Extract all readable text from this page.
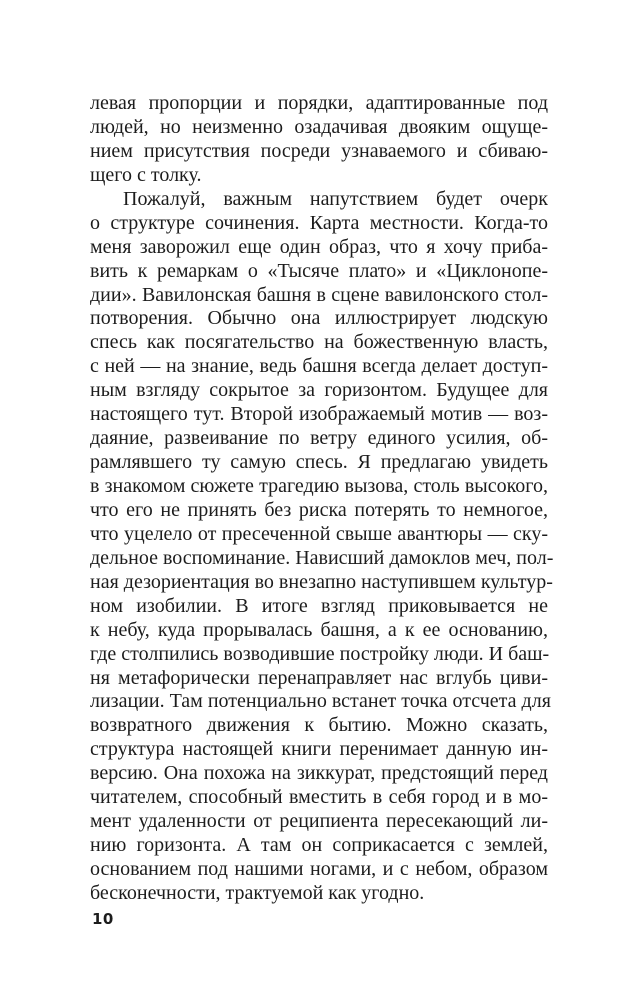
левая пропорции и порядки, адаптированные под
людей, но неизменно озадачивая двояким ощуще-
нием присутствия посреди узнаваемого и сбиваю-
щего с толку.
Пожалуй, важным напутствием будет очерк
о структуре сочинения. Карта местности. Когда-то
меня заворожил еще один образ, что я хочу приба-
вить к ремаркам о «Тысяче плато» и «Циклонопе-
дии». Вавилонская башня в сцене вавилонского стол-
потворения. Обычно она иллюстрирует людскую
спесь как посягательство на божественную власть,
с ней — на знание, ведь башня всегда делает доступ-
ным взгляду сокрытое за горизонтом. Будущее для
настоящего тут. Второй изображаемый мотив — воз-
даяние, развеивание по ветру единого усилия, об-
рамлявшего ту самую спесь. Я предлагаю увидеть
в знакомом сюжете трагедию вызова, столь высокого,
что его не принять без риска потерять то немногое,
что уцелело от пресеченной свыше авантюры — ску-
дельное воспоминание. Нависший дамоклов меч, пол-
ная дезориентация во внезапно наступившем культур-
ном изобилии. В итоге взгляд приковывается не
к небу, куда прорывалась башня, а к ее основанию,
где столпились возводившие постройку люди. И баш-
ня метафорически перенаправляет нас вглубь циви-
лизации. Там потенциально встанет точка отсчета для
возвратного движения к бытию. Можно сказать,
структура настоящей книги перенимает данную ин-
версию. Она похожа на зиккурат, предстоящий перед
читателем, способный вместить в себя город и в мо-
мент удаленности от реципиента пересекающий ли-
нию горизонта. А там он соприкасается с землей,
основанием под нашими ногами, и с небом, образом
бесконечности, трактуемой как угодно.
10
